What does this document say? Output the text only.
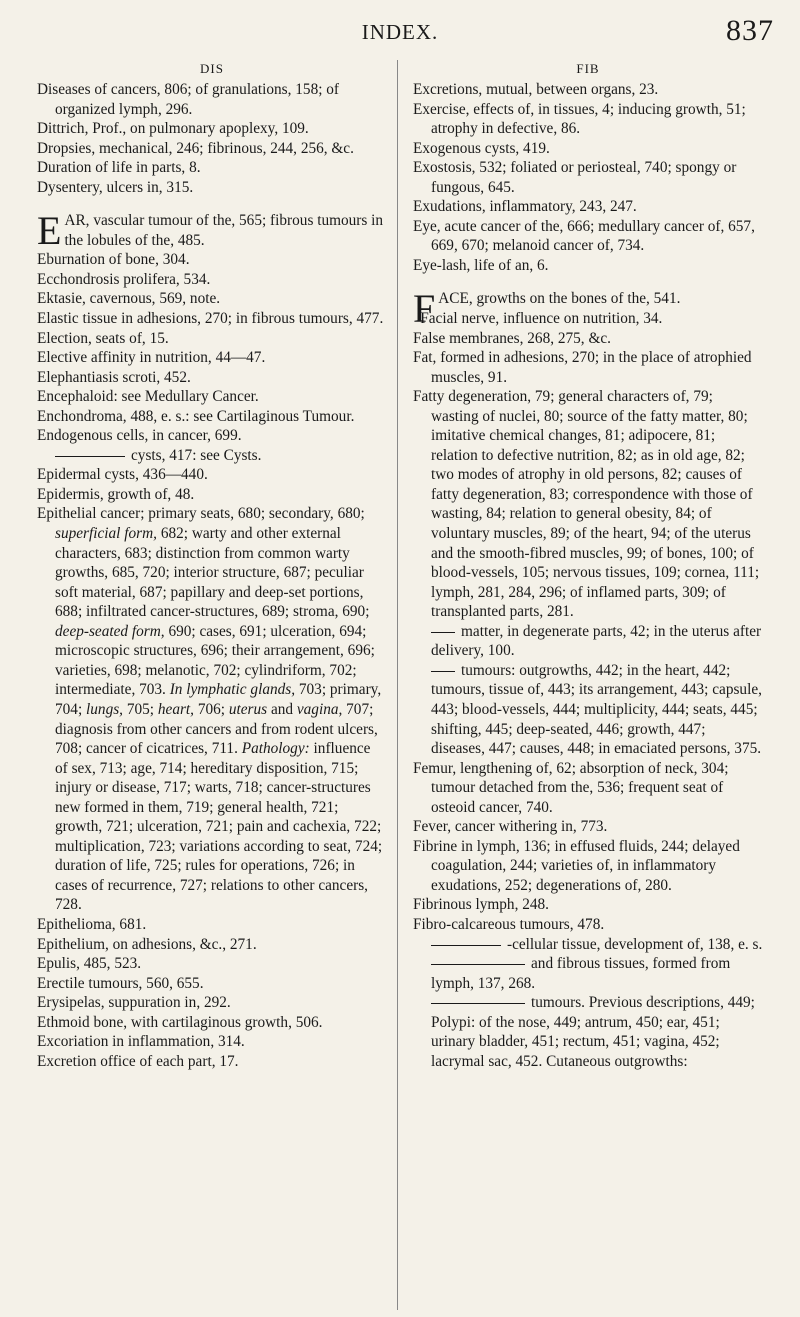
INDEX.	837
DIS

Diseases of cancers, 806; of granulations, 158; of organized lymph, 296.

Dittrich, Prof., on pulmonary apoplexy, 109.

Dropsies, mechanical, 246; fibrinous, 244, 256, &c.

Duration of life in parts, 8.

Dysentery, ulcers in, 315.

E AR, vascular tumour of the, 565; fibrous tumours in the lobules of the, 485.

Eburnation of bone, 304.

Ecchondrosis prolifera, 534.

Ektasie, cavernous, 569, note.

Elastic tissue in adhesions, 270; in fibrous tumours, 477.

Election, seats of, 15.

Elective affinity in nutrition, 44—47.

Elephantiasis scroti, 452.

Encephaloid: see Medullary Cancer.

Enchondroma, 488, e. s.: see Cartilaginous Tumour.

Endogenous cells, in cancer, 699.

cysts, 417: see Cysts.

Epidermal cysts, 436—440.

Epidermis, growth of, 48.

Epithelial cancer; primary seats, 680; secondary, 680; superficial form, 682; warty and other external characters, 683; distinction from common warty growths, 685, 720; interior structure, 687; peculiar soft material, 687; papillary and deep-set portions, 688; infiltrated cancer-structures, 689; stroma, 690; deep-seated form, 690; cases, 691; ulceration, 694; microscopic structures, 696; their arrangement, 696; varieties, 698; melanotic, 702; cylindriform, 702; intermediate, 703. In lymphatic glands, 703; primary, 704; lungs, 705; heart, 706; uterus and vagina, 707; diagnosis from other cancers and from rodent ulcers, 708; cancer of cicatrices, 711. Pathology: influence of sex, 713; age, 714; hereditary disposition, 715; injury or disease, 717; warts, 718; cancer-structures new formed in them, 719; general health, 721; growth, 721; ulceration, 721; pain and cachexia, 722; multiplication, 723; variations according to seat, 724; duration of life, 725; rules for operations, 726; in cases of recurrence, 727; relations to other cancers, 728.

Epithelioma, 681.

Epithelium, on adhesions, &c., 271.

Epulis, 485, 523.

Erectile tumours, 560, 655.

Erysipelas, suppuration in, 292.

Ethmoid bone, with cartilaginous growth, 506.

Excoriation in inflammation, 314.

Excretion office of each part, 17.

FIB

Excretions, mutual, between organs, 23.

Exercise, effects of, in tissues, 4; inducing growth, 51; atrophy in defective, 86.

Exogenous cysts, 419.

Exostosis, 532; foliated or periosteal, 740; spongy or fungous, 645.

Exudations, inflammatory, 243, 247.

Eye, acute cancer of the, 666; medullary cancer of, 657, 669, 670; melanoid cancer of, 734.

Eye-lash, life of an, 6.

F ACE, growths on the bones of the, 541.

Facial nerve, influence on nutrition, 34.

False membranes, 268, 275, &c.

Fat, formed in adhesions, 270; in the place of atrophied muscles, 91.

Fatty degeneration, 79; general characters of, 79; wasting of nuclei, 80; source of the fatty matter, 80; imitative chemical changes, 81; adipocere, 81; relation to defective nutrition, 82; as in old age, 82; two modes of atrophy in old persons, 82; causes of fatty degeneration, 83; correspondence with those of wasting, 84; relation to general obesity, 84; of voluntary muscles, 89; of the heart, 94; of the uterus and the smooth-fibred muscles, 99; of bones, 100; of blood-vessels, 105; nervous tissues, 109; cornea, 111; lymph, 281, 284, 296; of inflamed parts, 309; of transplanted parts, 281.

matter, in degenerate parts, 42; in the uterus after delivery, 100.

tumours: outgrowths, 442; in the heart, 442; tumours, tissue of, 443; its arrangement, 443; capsule, 443; blood-vessels, 444; multiplicity, 444; seats, 445; shifting, 445; deep-seated, 446; growth, 447; diseases, 447; causes, 448; in emaciated persons, 375.

Femur, lengthening of, 62; absorption of neck, 304; tumour detached from the, 536; frequent seat of osteoid cancer, 740.

Fever, cancer withering in, 773.

Fibrine in lymph, 136; in effused fluids, 244; delayed coagulation, 244; varieties of, in inflammatory exudations, 252; degenerations of, 280.

Fibrinous lymph, 248.

Fibro-calcareous tumours, 478.

-cellular tissue, development of, 138, e. s.

and fibrous tissues, formed from lymph, 137, 268.

tumours. Previous descriptions, 449; Polypi: of the nose, 449; antrum, 450; ear, 451; urinary bladder, 451; rectum, 451; vagina, 452; lacrymal sac, 452. Cutaneous outgrowths:
